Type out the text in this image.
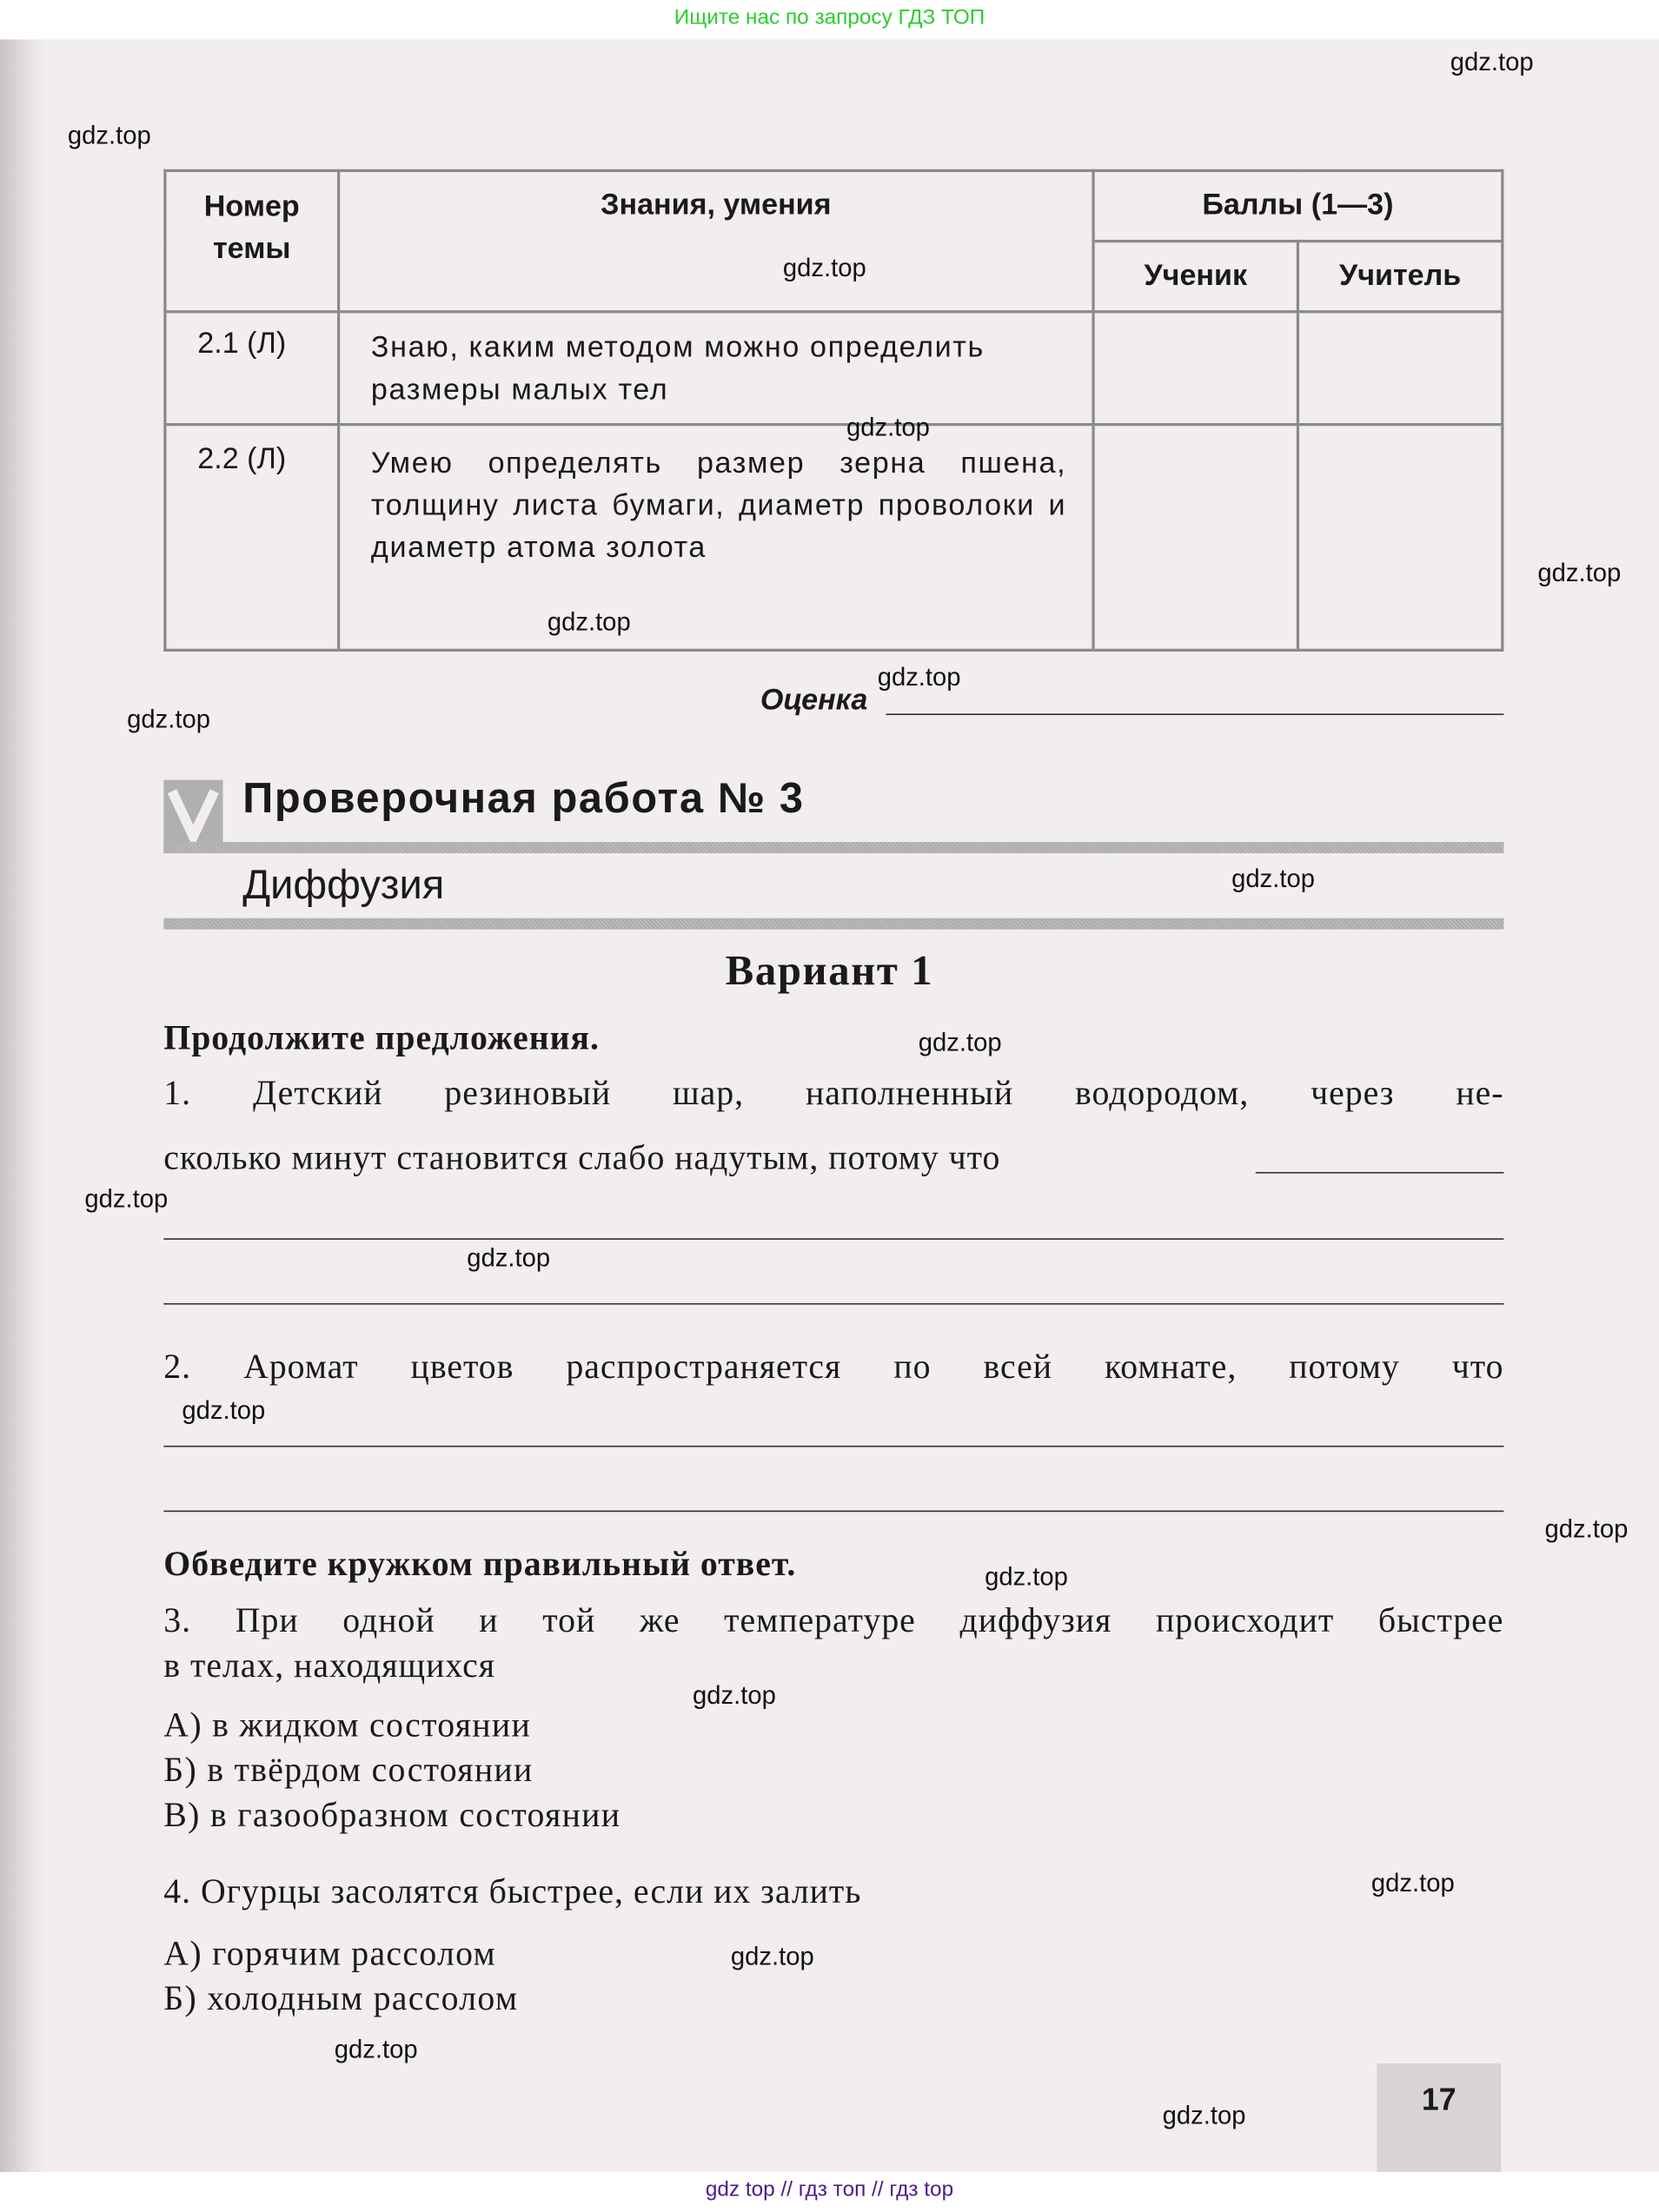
Ищите нас по запросу ГДЗ ТОП
Номер темы	Знания, умения	Баллы (1—3)	
		Ученик	Учитель
2.1 (Л)	Знаю, каким методом можно определить размеры малых тел		
2.2 (Л)	Умею определять размер зерна пшена, толщину листа бумаги, диаметр проволоки и диаметр атома золота		
Оценка
Проверочная работа № 3
Диффузия
Вариант 1
Продолжите предложения.
1. Детский резиновый шар, наполненный водородом, через не-
сколько минут становится слабо надутым, потому что
2. Аромат цветов распространяется по всей комнате, потому что
Обведите кружком правильный ответ.
3. При одной и той же температуре диффузия происходит быстрее
в телах, находящихся
А) в жидком состоянии
Б) в твёрдом состоянии
В) в газообразном состоянии
4. Огурцы засолятся быстрее, если их залить
А) горячим рассолом
Б) холодным рассолом
17
gdz.top
gdz.top
gdz.top
gdz.top
gdz.top
gdz.top
gdz.top
gdz.top
gdz.top
gdz.top
gdz.top
gdz.top
gdz.top
gdz.top
gdz.top
gdz.top
gdz.top
gdz.top
gdz.top
gdz.top
gdz top // гдз топ // гдз top
